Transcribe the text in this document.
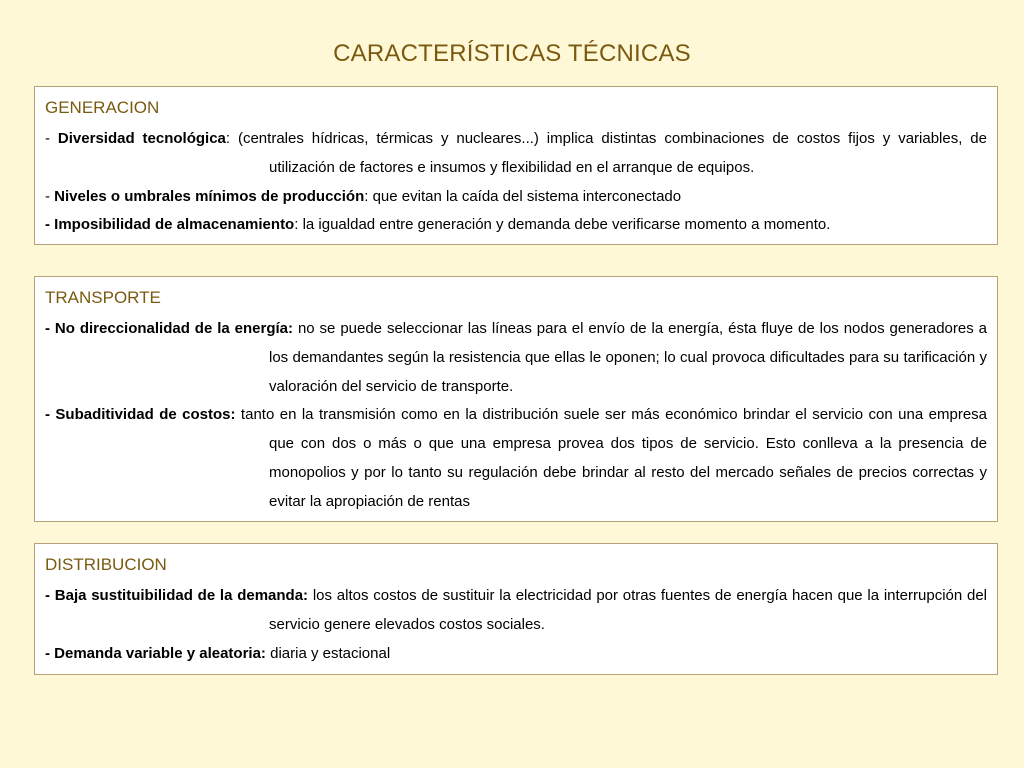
CARACTERÍSTICAS TÉCNICAS
GENERACION
- Diversidad tecnológica: (centrales hídricas, térmicas y nucleares...) implica distintas combinaciones de costos fijos y variables, de utilización de factores e insumos y flexibilidad en el arranque de equipos.
- Niveles o umbrales mínimos de producción: que evitan la caída del sistema interconectado
- Imposibilidad de almacenamiento: la igualdad entre generación y demanda debe verificarse momento a momento.
TRANSPORTE
- No direccionalidad de la energía: no se puede seleccionar las líneas para el envío de la energía, ésta fluye de los nodos generadores a los demandantes según la resistencia que ellas le oponen; lo cual provoca dificultades para su tarificación y valoración del servicio de transporte.
- Subaditividad de costos: tanto en la transmisión como en la distribución suele ser más económico brindar el servicio con una empresa que con dos o más o que una empresa provea dos tipos de servicio. Esto conlleva a la presencia de monopolios y por lo tanto su regulación debe brindar al resto del mercado señales de precios correctas y evitar la apropiación de rentas
DISTRIBUCION
- Baja sustituibilidad de la demanda: los altos costos de sustituir la electricidad por otras fuentes de energía hacen que la interrupción del servicio genere elevados costos sociales.
- Demanda variable y aleatoria: diaria y estacional
